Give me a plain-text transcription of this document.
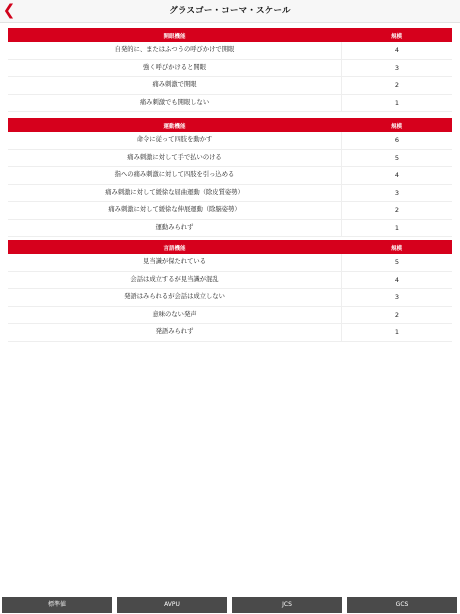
❮	グラスゴー・コーマ・スケール
開眼機能	規模
自発的に、またはふつうの呼びかけで開眼	4
強く呼びかけると開眼	3
痛み刺激で開眼	2
痛み刺激でも開眼しない	1
運動機能	規模
命令に従って四肢を動かす	6
痛み刺激に対して手で払いのける	5
指への痛み刺激に対して四肢を引っ込める	4
痛み刺激に対して緩徐な屈曲運動（除皮質姿勢）	3
痛み刺激に対して緩徐な伸展運動（除脳姿勢）	2
運動みられず	1
言語機能	規模
見当識が保たれている	5
会話は成立するが見当識が混乱	4
発語はみられるが会話は成立しない	3
意味のない発声	2
発語みられず	1
標準値	AVPU	JCS	GCS
